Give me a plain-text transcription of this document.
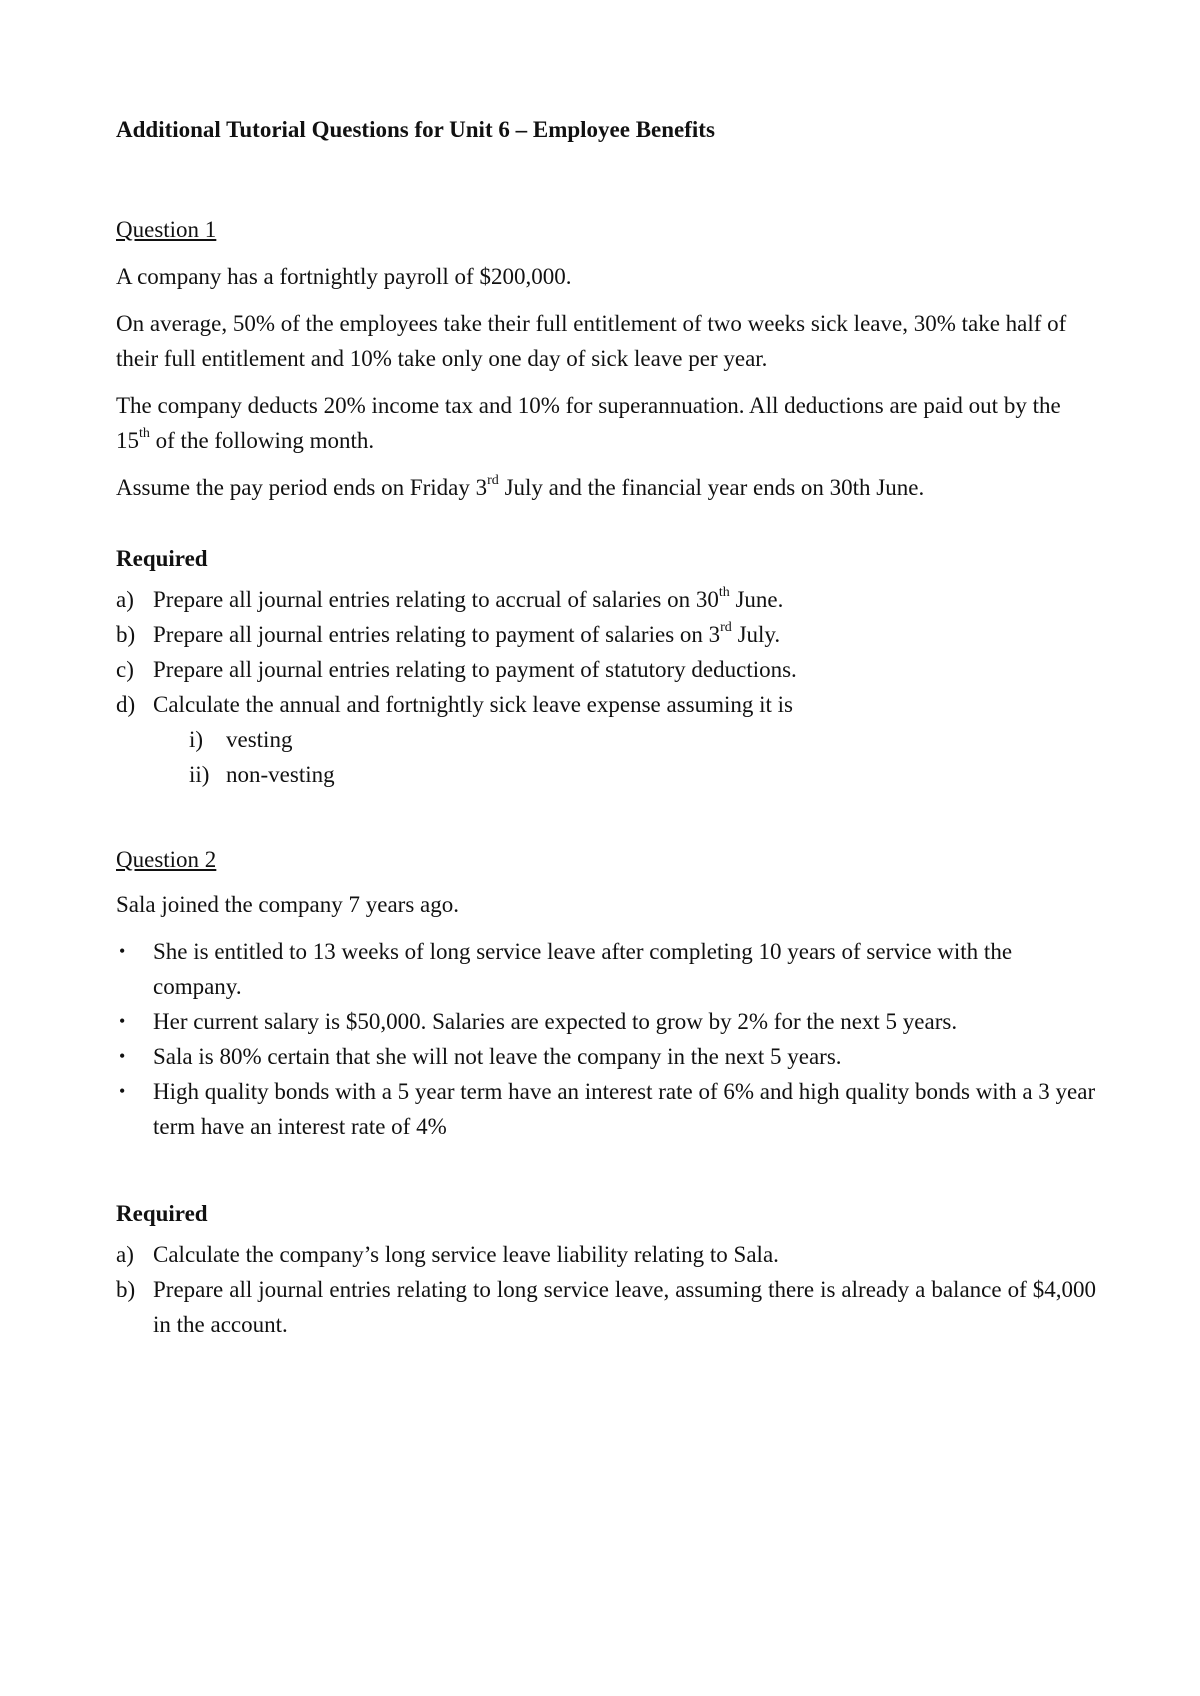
Additional Tutorial Questions for Unit 6 – Employee Benefits

Question 1

A company has a fortnightly payroll of $200,000.

On average, 50% of the employees take their full entitlement of two weeks sick leave, 30% take half of their full entitlement and 10% take only one day of sick leave per year.

The company deducts 20% income tax and 10% for superannuation. All deductions are paid out by the 15th of the following month.

Assume the pay period ends on Friday 3rd July and the financial year ends on 30th June.

Required

a) Prepare all journal entries relating to accrual of salaries on 30th June.
b) Prepare all journal entries relating to payment of salaries on 3rd July.
c) Prepare all journal entries relating to payment of statutory deductions.
d) Calculate the annual and fortnightly sick leave expense assuming it is
i) vesting
ii) non-vesting

Question 2

Sala joined the company 7 years ago.

• She is entitled to 13 weeks of long service leave after completing 10 years of service with the company.
• Her current salary is $50,000. Salaries are expected to grow by 2% for the next 5 years.
• Sala is 80% certain that she will not leave the company in the next 5 years.
• High quality bonds with a 5 year term have an interest rate of 6% and high quality bonds with a 3 year term have an interest rate of 4%

Required

a) Calculate the company’s long service leave liability relating to Sala.
b) Prepare all journal entries relating to long service leave, assuming there is already a balance of $4,000 in the account.
